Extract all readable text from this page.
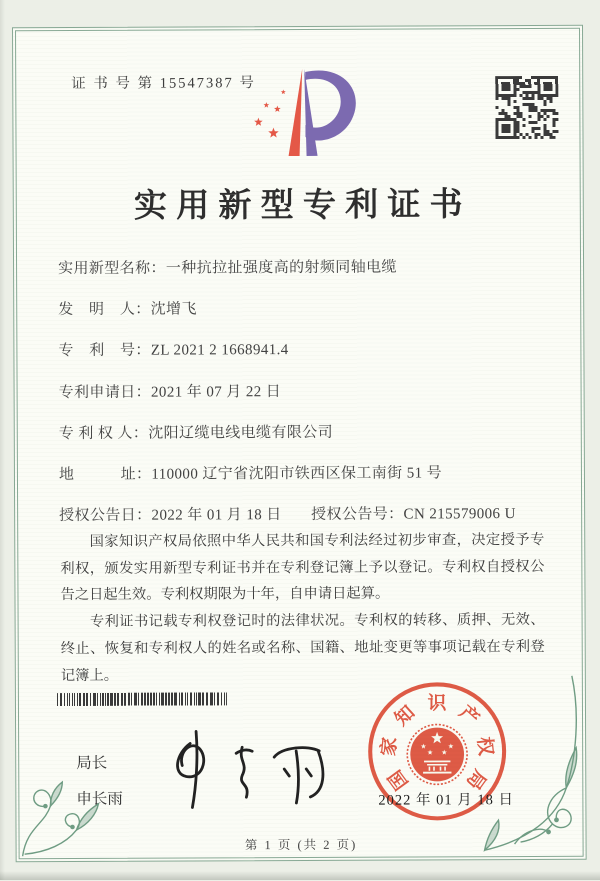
证 书 号 第 15547387 号
实用新型专利证书
实用新型名称：一种抗拉扯强度高的射频同轴电缆
发　明　人：沈增飞
专　利　号：ZL 2021 2 1668941.4
专利申请日：2021 年 07 月 22 日
专 利 权 人：沈阳辽缆电线电缆有限公司
地　　　址：110000 辽宁省沈阳市铁西区保工南街 51 号
授权公告日：2022 年 01 月 18 日 授权公告号：CN 215579006 U

国家知识产权局依照中华人民共和国专利法经过初步审查，决定授予专利权，颁发实用新型专利证书并在专利登记簿上予以登记。专利权自授权公告之日起生效。专利权期限为十年，自申请日起算。

专利证书记载专利权登记时的法律状况。专利权的转移、质押、无效、终止、恢复和专利权人的姓名或名称、国籍、地址变更等事项记载在专利登记簿上。

局长
申长雨
国
家
知 识 产
权
局
2022 年 01 月 18 日
第 1 页 (共 2 页)
